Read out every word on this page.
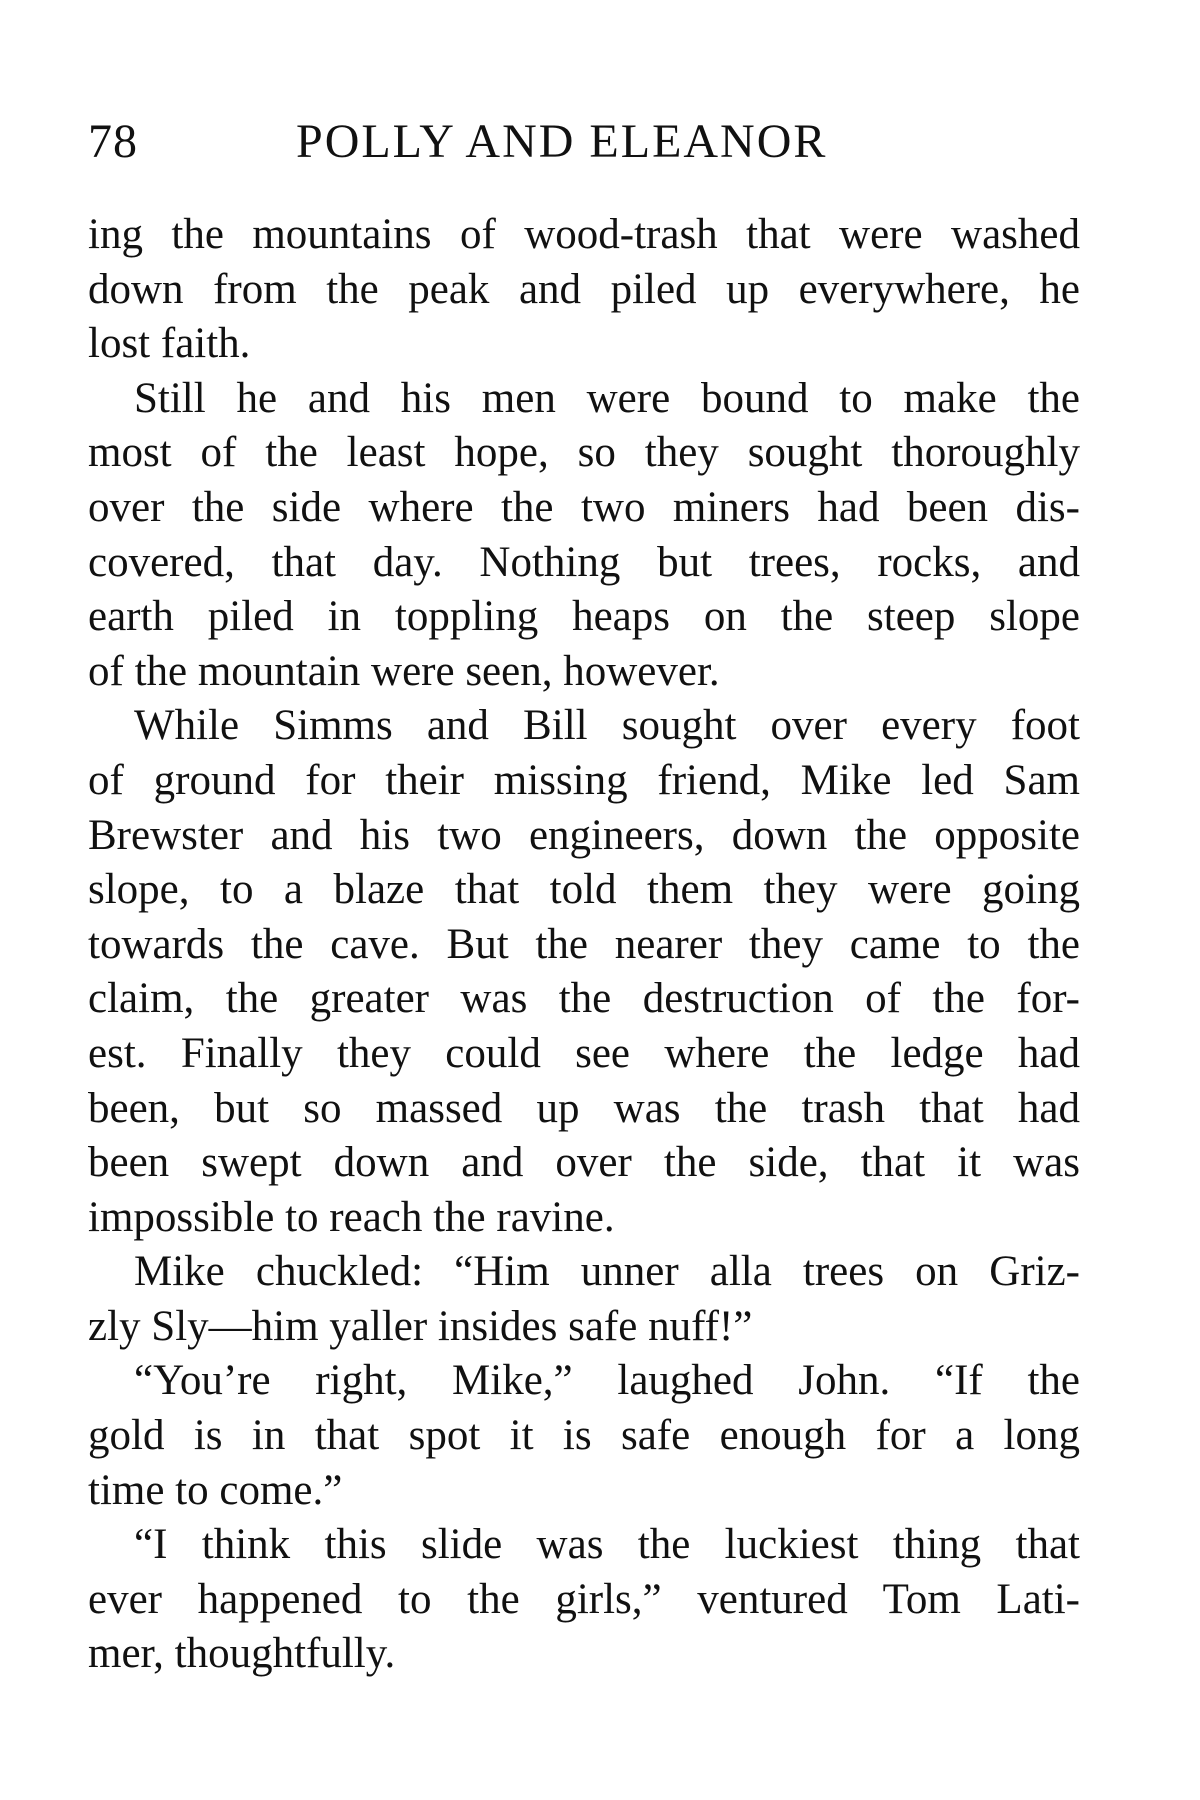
78	POLLY AND ELEANOR
ing the mountains of wood-trash that were washed
down from the peak and piled up everywhere, he
lost faith.
Still he and his men were bound to make the
most of the least hope, so they sought thoroughly
over the side where the two miners had been dis-
covered, that day. Nothing but trees, rocks, and
earth piled in toppling heaps on the steep slope
of the mountain were seen, however.
While Simms and Bill sought over every foot
of ground for their missing friend, Mike led Sam
Brewster and his two engineers, down the opposite
slope, to a blaze that told them they were going
towards the cave. But the nearer they came to the
claim, the greater was the destruction of the for-
est. Finally they could see where the ledge had
been, but so massed up was the trash that had
been swept down and over the side, that it was
impossible to reach the ravine.
Mike chuckled: “Him unner alla trees on Griz-
zly Sly—him yaller insides safe nuff!”
“You’re right, Mike,” laughed John. “If the
gold is in that spot it is safe enough for a long
time to come.”
“I think this slide was the luckiest thing that
ever happened to the girls,” ventured Tom Lati-
mer, thoughtfully.
